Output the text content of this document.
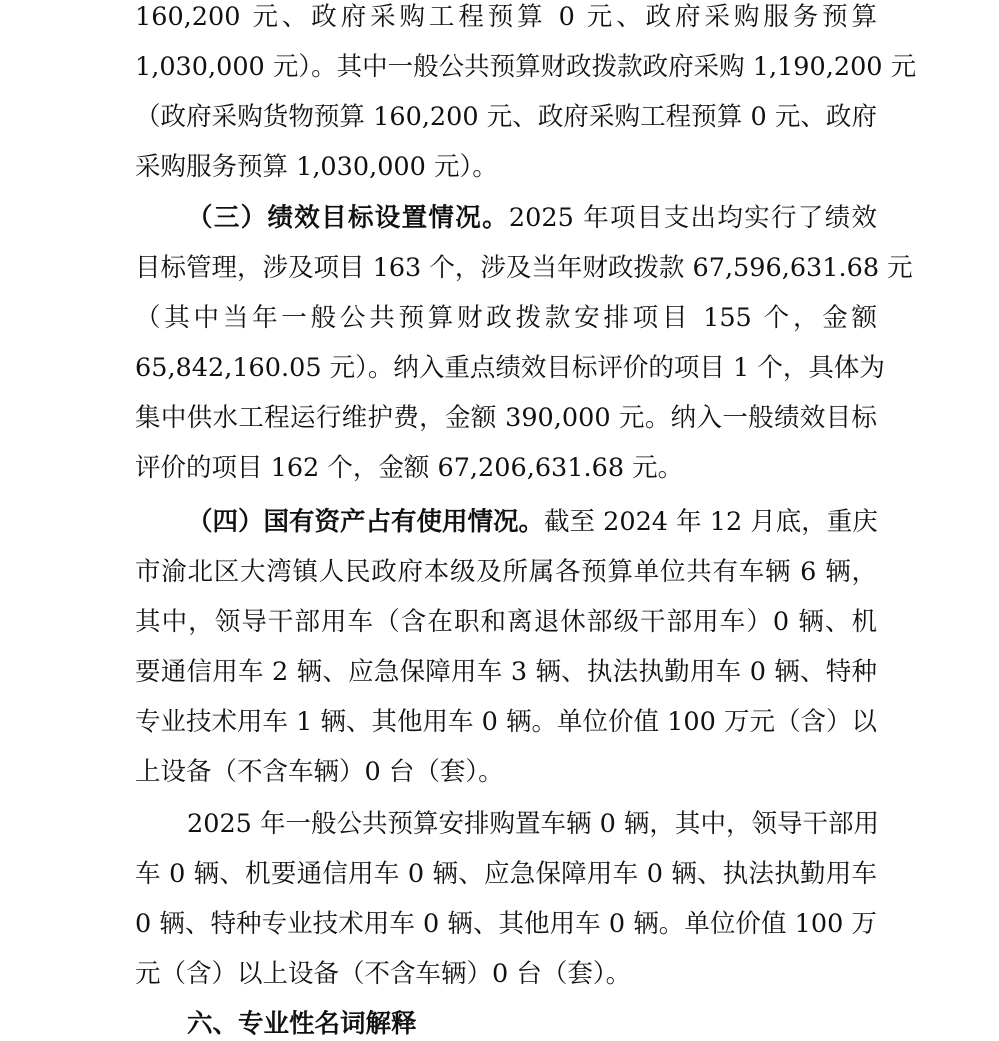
160,200 元、政府采购工程预算 0 元、政府采购服务预算
1,030,000 元）。其中一般公共预算财政拨款政府采购 1,190,200 元
（政府采购货物预算 160,200 元、政府采购工程预算 0 元、政府
采购服务预算 1,030,000 元）。
（三）绩效目标设置情况。2025 年项目支出均实行了绩效
目标管理，涉及项目 163 个，涉及当年财政拨款 67,596,631.68 元
（其中当年一般公共预算财政拨款安排项目 155 个，金额
65,842,160.05 元）。纳入重点绩效目标评价的项目 1 个，具体为
集中供水工程运行维护费，金额 390,000 元。纳入一般绩效目标
评价的项目 162 个，金额 67,206,631.68 元。
（四）国有资产占有使用情况。截至 2024 年 12 月底，重庆
市渝北区大湾镇人民政府本级及所属各预算单位共有车辆 6 辆，
其中，领导干部用车（含在职和离退休部级干部用车）0 辆、机
要通信用车 2 辆、应急保障用车 3 辆、执法执勤用车 0 辆、特种
专业技术用车 1 辆、其他用车 0 辆。单位价值 100 万元（含）以
上设备（不含车辆）0 台（套）。
2025 年一般公共预算安排购置车辆 0 辆，其中，领导干部用
车 0 辆、机要通信用车 0 辆、应急保障用车 0 辆、执法执勤用车
0 辆、特种专业技术用车 0 辆、其他用车 0 辆。单位价值 100 万
元（含）以上设备（不含车辆）0 台（套）。
六、专业性名词解释
